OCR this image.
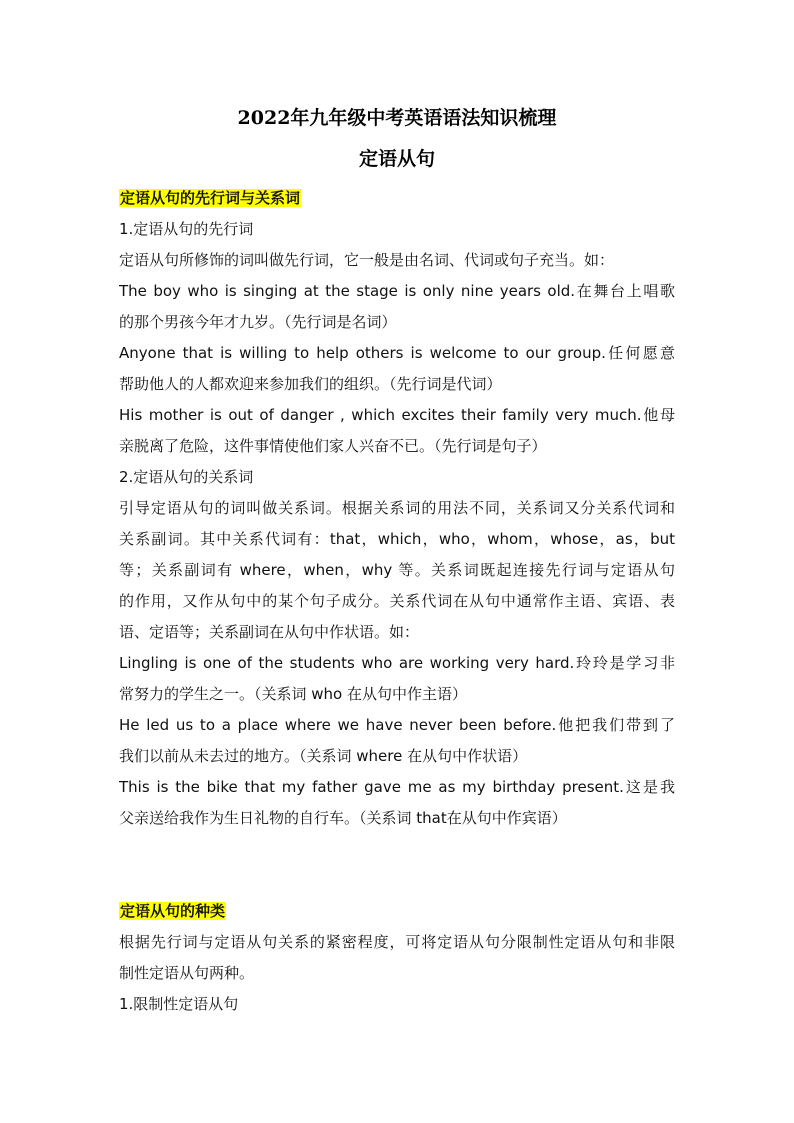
2022年九年级中考英语语法知识梳理
定语从句
定语从句的先行词与关系词
1.定语从句的先行词
定语从句所修饰的词叫做先行词，它一般是由名词、代词或句子充当。如：
The boy who is singing at the stage is only nine years old.在舞台上唱歌
的那个男孩今年才九岁。（先行词是名词）
Anyone that is willing to help others is welcome to our group.任何愿意
帮助他人的人都欢迎来参加我们的组织。（先行词是代词）
His mother is out of danger , which excites their family very much.他母
亲脱离了危险，这件事情使他们家人兴奋不已。（先行词是句子）
2.定语从句的关系词
引导定语从句的词叫做关系词。根据关系词的用法不同，关系词又分关系代词和
关系副词。其中关系代词有：that，which，who，whom，whose，as，but
等；关系副词有 where，when，why 等。关系词既起连接先行词与定语从句
的作用，又作从句中的某个句子成分。关系代词在从句中通常作主语、宾语、表
语、定语等；关系副词在从句中作状语。如：
Lingling is one of the students who are working very hard.玲玲是学习非
常努力的学生之一。（关系词 who 在从句中作主语）
He led us to a place where we have never been before.他把我们带到了
我们以前从未去过的地方。（关系词 where 在从句中作状语）
This is the bike that my father gave me as my birthday present.这是我
父亲送给我作为生日礼物的自行车。（关系词 that在从句中作宾语）
定语从句的种类
根据先行词与定语从句关系的紧密程度，可将定语从句分限制性定语从句和非限
制性定语从句两种。
1.限制性定语从句
